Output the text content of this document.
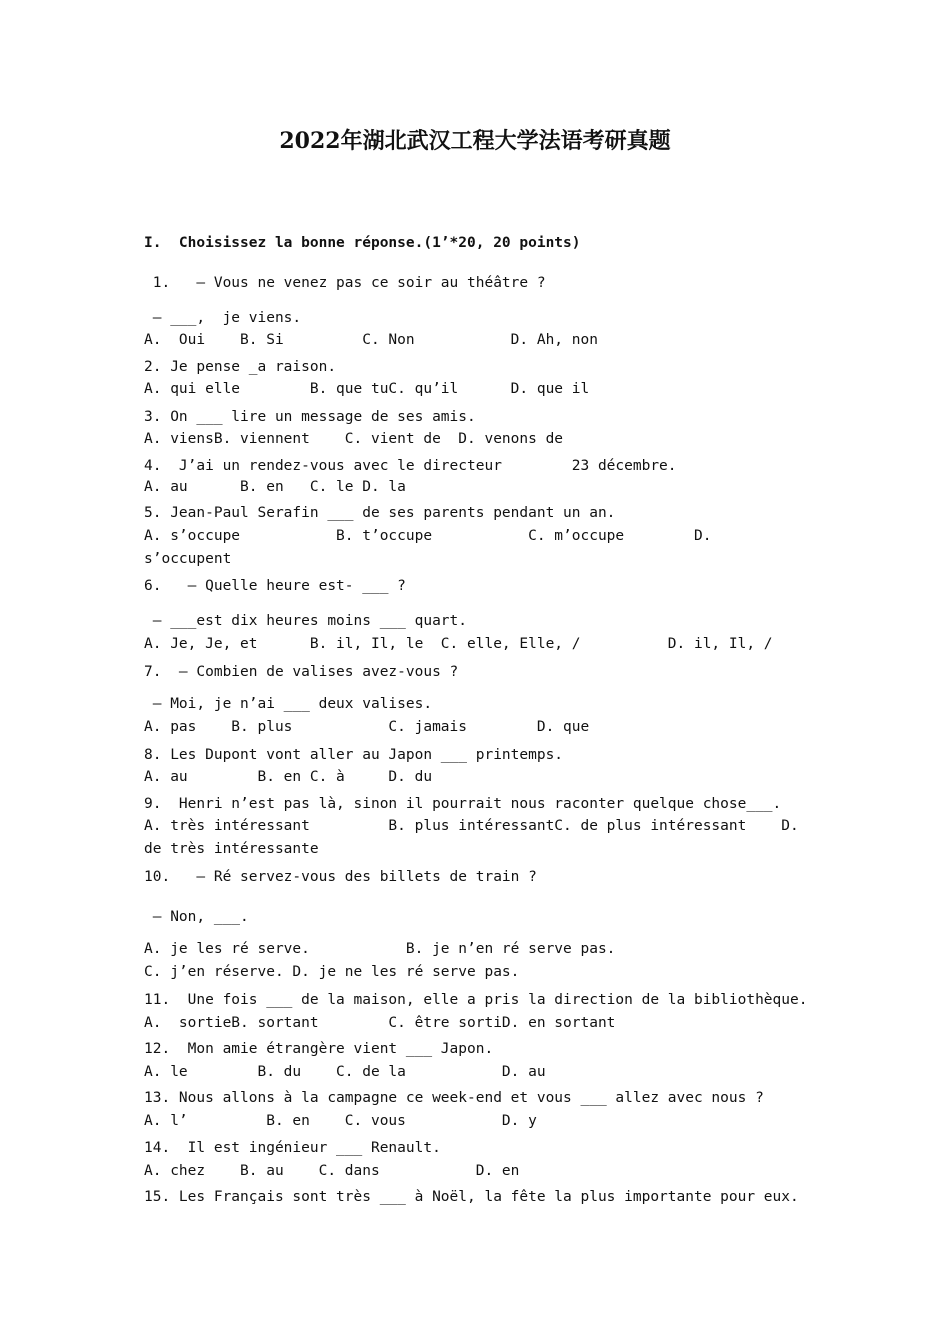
2022年湖北武汉工程大学法语考研真题
I.  Choisissez la bonne réponse.(1’*20, 20 points)
1.   – Vous ne venez pas ce soir au théâtre ?
– ___,  je viens.
A.  Oui    B. Si         C. Non           D. Ah, non
2. Je pense _a raison.
A. qui elle        B. que tuC. qu’il      D. que il
3. On ___ lire un message de ses amis.
A. viensB. viennent    C. vient de  D. venons de
4.  J’ai un rendez-vous avec le directeur        23 décembre.
A. au      B. en   C. le D. la
5. Jean-Paul Serafin ___ de ses parents pendant un an.
A. s’occupe           B. t’occupe           C. m’occupe        D.
s’occupent
6.   – Quelle heure est- ___ ?
– ___est dix heures moins ___ quart.
A. Je, Je, et      B. il, Il, le  C. elle, Elle, /          D. il, Il, /
7.  – Combien de valises avez-vous ?
– Moi, je n’ai ___ deux valises.
A. pas    B. plus           C. jamais        D. que
8. Les Dupont vont aller au Japon ___ printemps.
A. au        B. en C. à     D. du
9.  Henri n’est pas là, sinon il pourrait nous raconter quelque chose___.
A. très intéressant         B. plus intéressantC. de plus intéressant    D.
de très intéressante
10.   – Ré servez-vous des billets de train ?
– Non, ___.
A. je les ré serve.           B. je n’en ré serve pas.
C. j’en réserve. D. je ne les ré serve pas.
11.  Une fois ___ de la maison, elle a pris la direction de la bibliothèque.
A.  sortieB. sortant        C. être sortiD. en sortant
12.  Mon amie étrangère vient ___ Japon.
A. le        B. du    C. de la           D. au
13. Nous allons à la campagne ce week-end et vous ___ allez avec nous ?
A. l’         B. en    C. vous           D. y
14.  Il est ingénieur ___ Renault.
A. chez    B. au    C. dans           D. en
15. Les Français sont très ___ à Noël, la fête la plus importante pour eux.
